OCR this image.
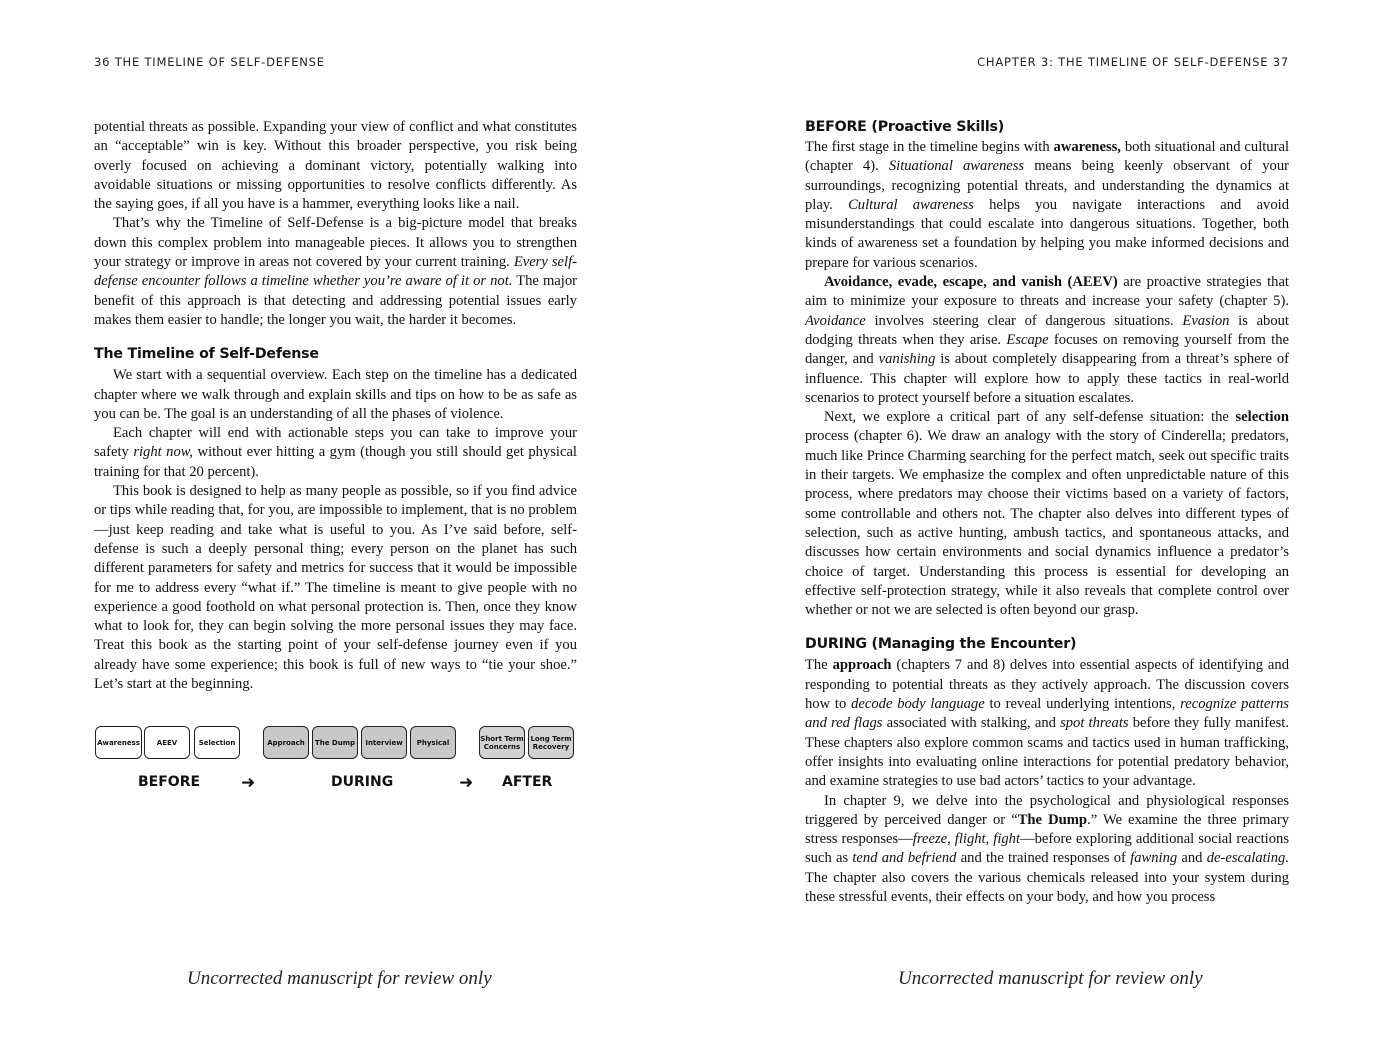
36 THE TIMELINE OF SELF-DEFENSE

potential threats as possible. Expanding your view of conflict and what constitutes an “acceptable” win is key. Without this broader perspective, you risk being overly focused on achieving a dominant victory, potentially walking into avoidable situations or missing opportunities to resolve conflicts differently. As the saying goes, if all you have is a hammer, everything looks like a nail.

That’s why the Timeline of Self-Defense is a big-picture model that breaks down this complex problem into manageable pieces. It allows you to strengthen your strategy or improve in areas not covered by your current training. Every self-defense encounter follows a timeline whether you’re aware of it or not. The major benefit of this approach is that detecting and addressing potential issues early makes them easier to handle; the longer you wait, the harder it becomes.

The Timeline of Self-Defense

We start with a sequential overview. Each step on the timeline has a dedicated chapter where we walk through and explain skills and tips on how to be as safe as you can be. The goal is an understanding of all the phases of violence.

Each chapter will end with actionable steps you can take to improve your safety right now, without ever hitting a gym (though you still should get physical training for that 20 percent).

This book is designed to help as many people as possible, so if you find advice or tips while reading that, for you, are impossible to implement, that is no problem—just keep reading and take what is useful to you. As I’ve said before, self-defense is such a deeply personal thing; every person on the planet has such different parameters for safety and metrics for success that it would be impossible for me to address every “what if.” The timeline is meant to give people with no experience a good foothold on what personal protection is. Then, once they know what to look for, they can begin solving the more personal issues they may face. Treat this book as the starting point of your self-defense journey even if you already have some experience; this book is full of new ways to “tie your shoe.” Let’s start at the beginning.

Awareness	AEEV	Selection	Approach	The Dump	Interview	Physical	Short Term Concerns
Long Term Recovery
BEFORE ➜	DURING	➜ AFTER
Uncorrected manuscript for review only
CHAPTER 3: THE TIMELINE OF SELF-DEFENSE 37
BEFORE (Proactive Skills)

The first stage in the timeline begins with awareness, both situational and cultural (chapter 4). Situational awareness means being keenly observant of your surroundings, recognizing potential threats, and understanding the dynamics at play. Cultural awareness helps you navigate interactions and avoid misunderstandings that could escalate into dangerous situations. Together, both kinds of awareness set a foundation by helping you make informed decisions and prepare for various scenarios.

Avoidance, evade, escape, and vanish (AEEV) are proactive strategies that aim to minimize your exposure to threats and increase your safety (chapter 5). Avoidance involves steering clear of dangerous situations. Evasion is about dodging threats when they arise. Escape focuses on removing yourself from the danger, and vanishing is about completely disappearing from a threat’s sphere of influence. This chapter will explore how to apply these tactics in real-world scenarios to protect yourself before a situation escalates.

Next, we explore a critical part of any self-defense situation: the selection process (chapter 6). We draw an analogy with the story of Cinderella; predators, much like Prince Charming searching for the perfect match, seek out specific traits in their targets. We emphasize the complex and often unpredictable nature of this process, where predators may choose their victims based on a variety of factors, some controllable and others not. The chapter also delves into different types of selection, such as active hunting, ambush tactics, and spontaneous attacks, and discusses how certain environments and social dynamics influence a predator’s choice of target. Understanding this process is essential for developing an effective self-protection strategy, while it also reveals that complete control over whether or not we are selected is often beyond our grasp.

DURING (Managing the Encounter)

The approach (chapters 7 and 8) delves into essential aspects of identifying and responding to potential threats as they actively approach. The discussion covers how to decode body language to reveal underlying intentions, recognize patterns and red flags associated with stalking, and spot threats before they fully manifest. These chapters also explore common scams and tactics used in human trafficking, offer insights into evaluating online interactions for potential predatory behavior, and examine strategies to use bad actors’ tactics to your advantage.

In chapter 9, we delve into the psychological and physiological responses triggered by perceived danger or “The Dump.” We examine the three primary stress responses—freeze, flight, fight—before exploring additional social reactions such as tend and befriend and the trained responses of fawning and de-escalating. The chapter also covers the various chemicals released into your system during these stressful events, their effects on your body, and how you process

Uncorrected manuscript for review only
